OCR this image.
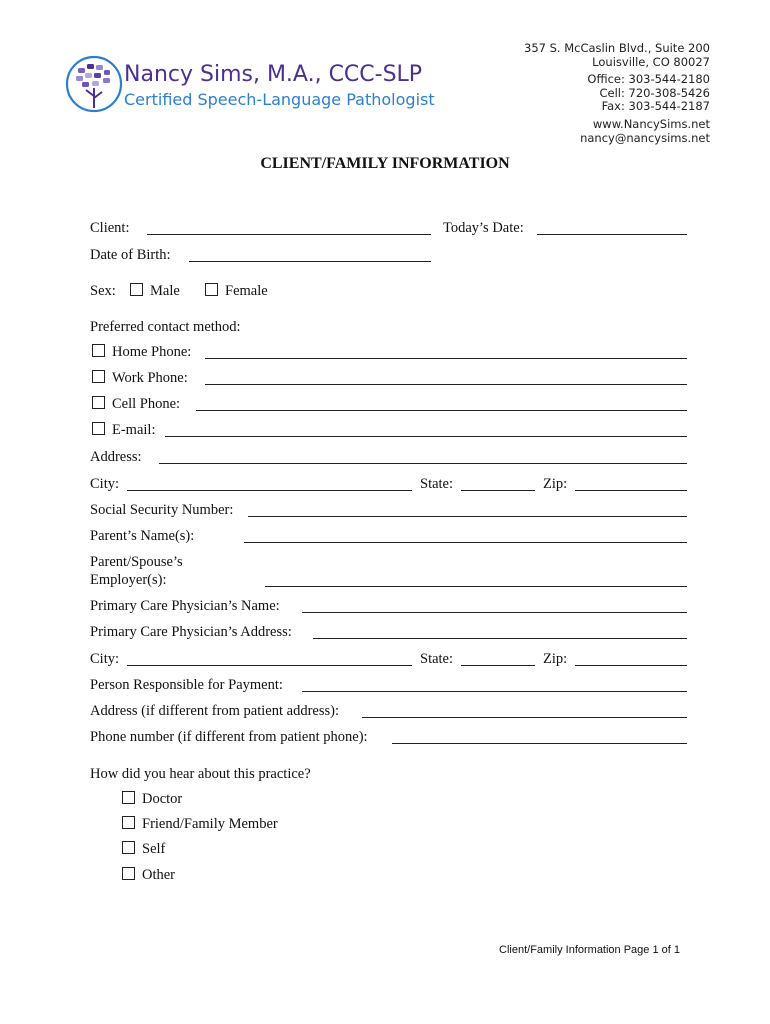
Nancy Sims, M.A., CCC-SLP
Certified Speech-Language Pathologist
357 S. McCaslin Blvd., Suite 200
Louisville, CO 80027
Office: 303-544-2180
Cell: 720-308-5426
Fax: 303-544-2187
www.NancySims.net
nancy@nancysims.net
CLIENT/FAMILY INFORMATION
Client:	Today’s Date:
Date of Birth:
Sex: Male	Female
Preferred contact method:
Home Phone:
Work Phone:
Cell Phone:
E-mail:
Address:
City:	State:	Zip:
Social Security Number:
Parent’s Name(s):
Parent/Spouse’s
Employer(s):
Primary Care Physician’s Name:
Primary Care Physician’s Address:
City:	State:	Zip:
Person Responsible for Payment:
Address (if different from patient address):
Phone number (if different from patient phone):
How did you hear about this practice?
Doctor
Friend/Family Member
Self
Other
Client/Family Information Page 1 of 1
